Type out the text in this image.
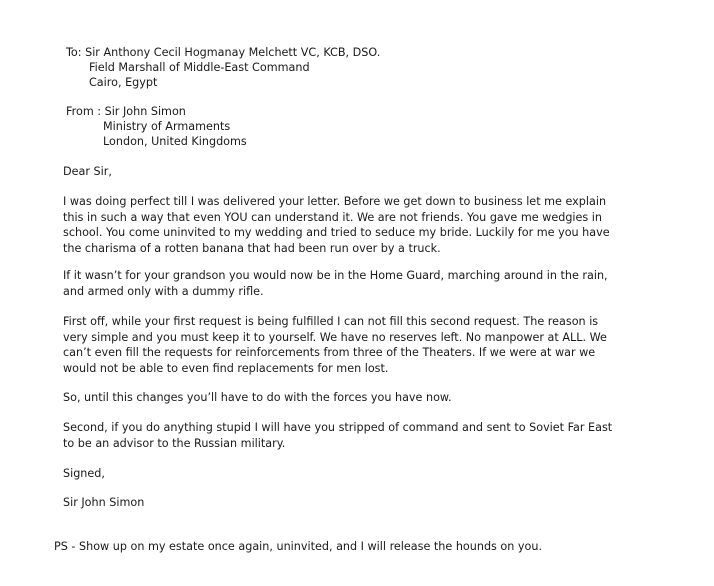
To: Sir Anthony Cecil Hogmanay Melchett VC, KCB, DSO.
Field Marshall of Middle-East Command
Cairo, Egypt
From : Sir John Simon
Ministry of Armaments
London, United Kingdoms
Dear Sir,
I was doing perfect till I was delivered your letter. Before we get down to business let me explain
this in such a way that even YOU can understand it. We are not friends. You gave me wedgies in
school. You come uninvited to my wedding and tried to seduce my bride. Luckily for me you have
the charisma of a rotten banana that had been run over by a truck.
If it wasn’t for your grandson you would now be in the Home Guard, marching around in the rain,
and armed only with a dummy rifle.
First off, while your first request is being fulfilled I can not fill this second request. The reason is
very simple and you must keep it to yourself. We have no reserves left. No manpower at ALL. We
can’t even fill the requests for reinforcements from three of the Theaters. If we were at war we
would not be able to even find replacements for men lost.
So, until this changes you’ll have to do with the forces you have now.
Second, if you do anything stupid I will have you stripped of command and sent to Soviet Far East
to be an advisor to the Russian military.
Signed,
Sir John Simon
PS - Show up on my estate once again, uninvited, and I will release the hounds on you.
